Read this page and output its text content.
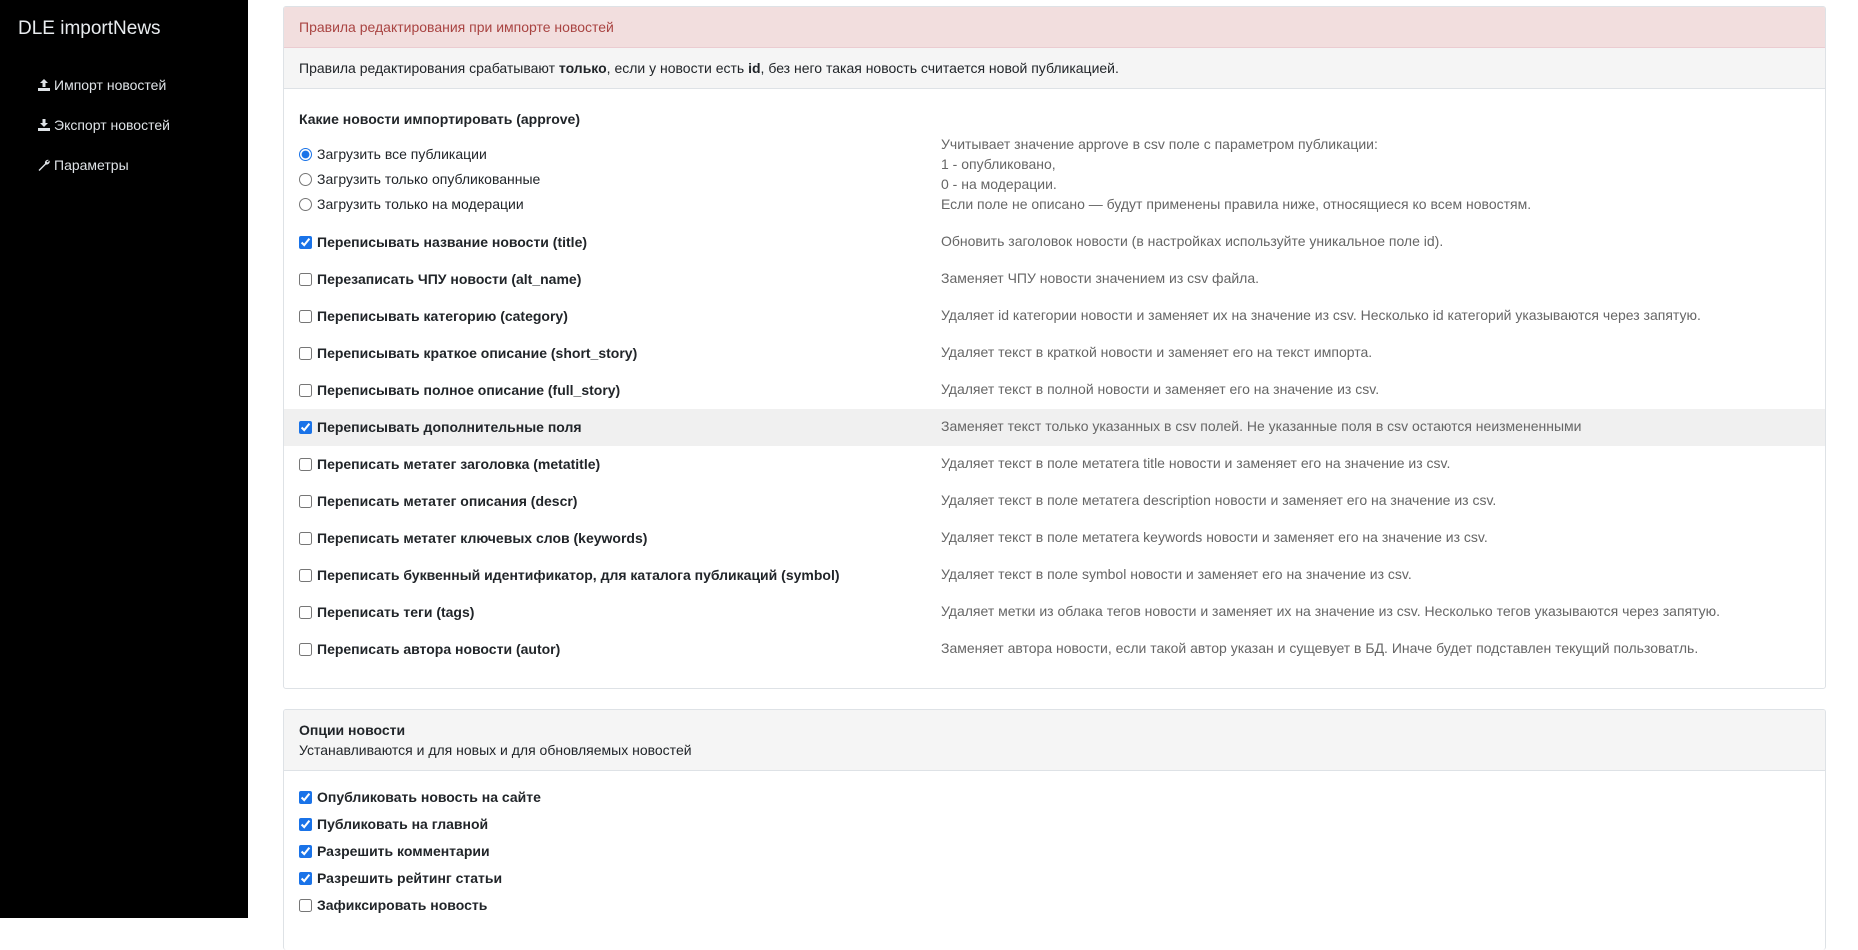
DLE importNews
Импорт новостей
Экспорт новостей
Параметры
Правила редактирования при импорте новостей
Правила редактирования срабатывают только, если у новости есть id, без него такая новость считается новой публикацией.
Какие новости импортировать (approve)
Загрузить все публикации
Загрузить только опубликованные
Загрузить только на модерации
Учитывает значение approve в csv поле с параметром публикации:
1 - опубликовано,
0 - на модерации.
Если поле не описано — будут применены правила ниже, относящиеся ко всем новостям.
Переписывать название новости (title)	Обновить заголовок новости (в настройках используйте уникальное поле id).
Перезаписать ЧПУ новости (alt_name)	Заменяет ЧПУ новости значением из csv файла.
Переписывать категорию (category)	Удаляет id категории новости и заменяет их на значение из csv. Несколько id категорий указываются через запятую.
Переписывать краткое описание (short_story)	Удаляет текст в краткой новости и заменяет его на текст импорта.
Переписывать полное описание (full_story)	Удаляет текст в полной новости и заменяет его на значение из csv.
Переписывать дополнительные поля	Заменяет текст только указанных в csv полей. Не указанные поля в csv остаются неизмененными
Переписать метатег заголовка (metatitle)	Удаляет текст в поле метатега title новости и заменяет его на значение из csv.
Переписать метатег описания (descr)	Удаляет текст в поле метатега description новости и заменяет его на значение из csv.
Переписать метатег ключевых слов (keywords)	Удаляет текст в поле метатега keywords новости и заменяет его на значение из csv.
Переписать буквенный идентификатор, для каталога публикаций (symbol)	Удаляет текст в поле symbol новости и заменяет его на значение из csv.
Переписать теги (tags)	Удаляет метки из облака тегов новости и заменяет их на значение из csv. Несколько тегов указываются через запятую.
Переписать автора новости (autor)	Заменяет автора новости, если такой автор указан и сущевует в БД. Иначе будет подставлен текущий пользоватль.
Опции новости
Устанавливаются и для новых и для обновляемых новостей
Опубликовать новость на сайте
Публиковать на главной
Разрешить комментарии
Разрешить рейтинг статьи
Зафиксировать новость
